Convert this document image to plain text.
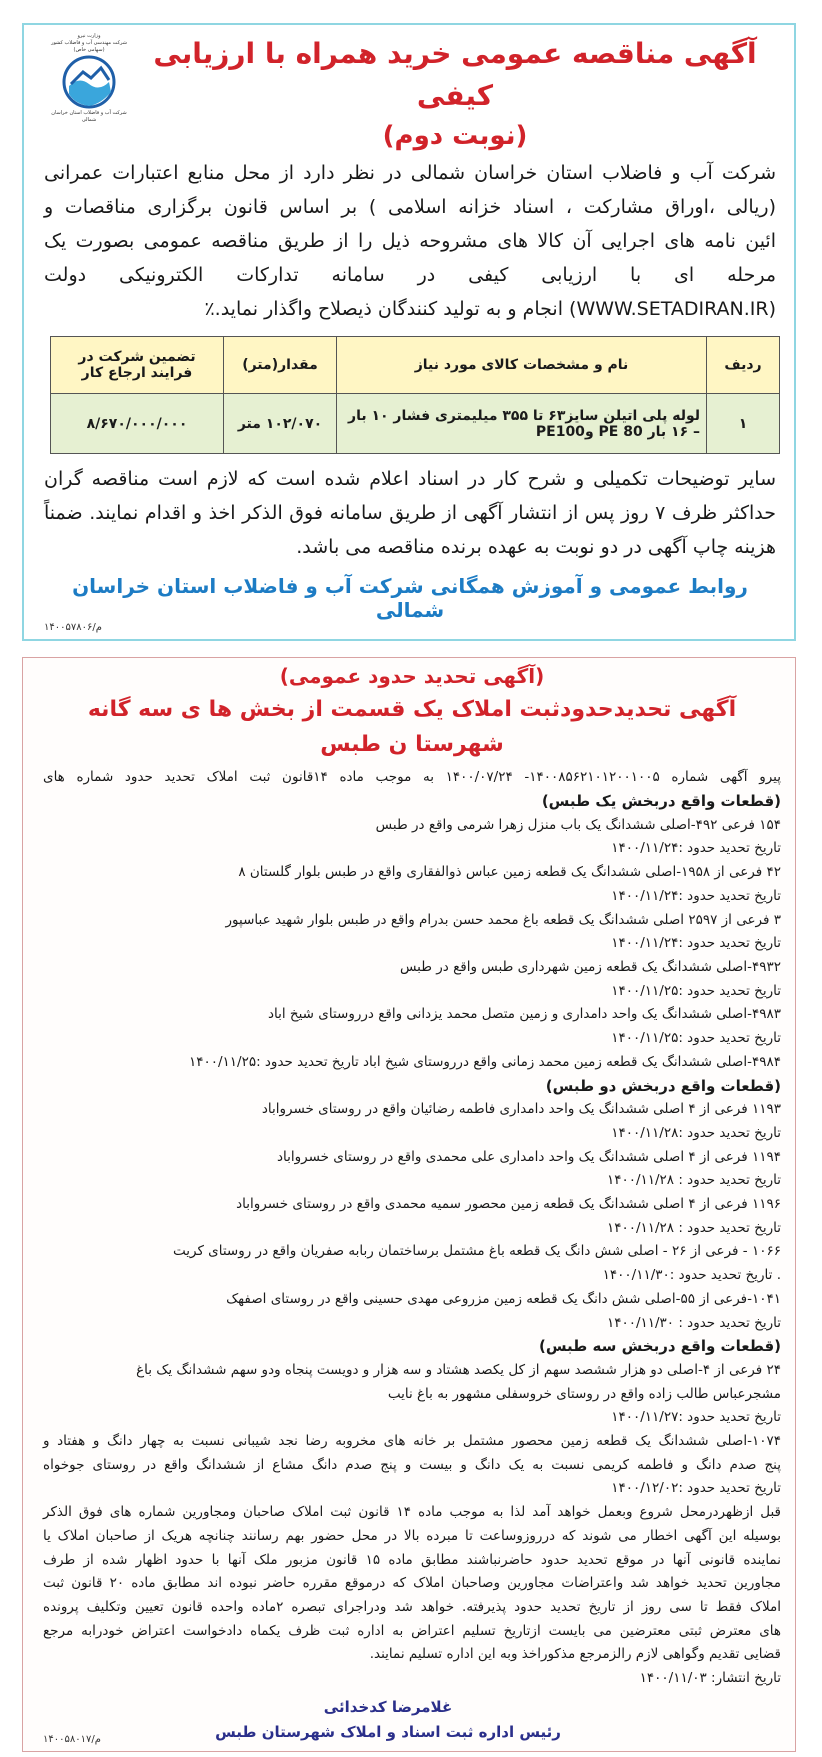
وزارت نیرو
شرکت مهندسی آب و فاضلاب کشور
(سهامی خاص)
شرکت آب و فاضلاب استان خراسان شمالی
آگهی مناقصه عمومی خرید همراه با ارزیابی کیفی
(نوبت دوم)
شرکت آب و فاضلاب استان خراسان شمالی در نظر دارد از محل منابع اعتبارات عمرانی
(ریالی ،اوراق مشارکت ، اسناد خزانه اسلامی ) بر اساس قانون برگزاری مناقصات و
ائین نامه های اجرایی آن کالا های مشروحه ذیل را از طریق مناقصه عمومی بصورت یک
مرحله ای با ارزیابی کیفی در سامانه تدارکات الکترونیکی دولت
(WWW.SETADIRAN.IR) انجام و به تولید کنندگان ذیصلاح واگذار نماید.٪
ردیف	نام و مشخصات کالای مورد نیاز	مقدار(متر)	تضمین شرکت در فرایند ارجاع کار
۱	لوله پلی اتیلن سایز۶۳ تا ۳۵۵ میلیمتری فشار ۱۰ بار – ۱۶ بار PE 80 وPE100	۱۰۲/۰۷۰ متر	۸/۶۷۰/۰۰۰/۰۰۰
سایر توضیحات تکمیلی و شرح کار در اسناد اعلام شده است که لازم است مناقصه گران
حداکثر ظرف ۷ روز پس از انتشار آگهی از طریق سامانه فوق الذکر اخذ و اقدام نمایند. ضمناً
هزینه چاپ آگهی در دو نوبت به عهده برنده مناقصه می باشد.
روابط عمومی و آموزش همگانی شرکت آب و فاضلاب استان خراسان شمالی
م/۱۴۰۰۵۷۸۰۶
(آگهی تحدید حدود عمومی)
آگهی تحدیدحدودثبت املاک یک قسمت از بخش ها ی سه گانه شهرستا ن طبس
پیرو آگهی شماره ۱۴۰۰۸۵۶۲۱۰۱۲۰۰۱۰۰۵- ۱۴۰۰/۰۷/۲۴ به موجب ماده ۱۴قانون ثبت املاک تحدید حدود شماره های
(قطعات واقع دربخش یک طبس)
۱۵۴ فرعی ۴۹۲-اصلی ششدانگ یک باب منزل زهرا شرمی واقع در طبس
تاریخ تحدید حدود :۱۴۰۰/۱۱/۲۴
۴۲ فرعی از ۱۹۵۸-اصلی ششدانگ یک قطعه زمین عباس ذوالفقاری واقع در طبس بلوار گلستان ۸
تاریخ تحدید حدود :۱۴۰۰/۱۱/۲۴
۳ فرعی از ۲۵۹۷ اصلی ششدانگ یک قطعه باغ محمد حسن بدرام واقع در طبس بلوار شهید عباسپور
تاریخ تحدید حدود :۱۴۰۰/۱۱/۲۴
۴۹۳۲-اصلی ششدانگ یک قطعه زمین شهرداری طبس واقع در طبس
تاریخ تحدید حدود :۱۴۰۰/۱۱/۲۵
۴۹۸۳-اصلی ششدانگ یک واحد دامداری و زمین متصل محمد یزدانی واقع درروستای شیخ اباد
تاریخ تحدید حدود :۱۴۰۰/۱۱/۲۵
۴۹۸۴-اصلی ششدانگ یک قطعه زمین محمد زمانی واقع درروستای شیخ اباد تاریخ تحدید حدود :۱۴۰۰/۱۱/۲۵
(قطعات واقع دربخش دو طبس)
۱۱۹۳ فرعی از ۴ اصلی ششدانگ یک واحد دامداری فاطمه رضائیان واقع در روستای خسرواباد
تاریخ تحدید حدود :۱۴۰۰/۱۱/۲۸
۱۱۹۴ فرعی از ۴ اصلی ششدانگ یک واحد دامداری علی محمدی واقع در روستای خسرواباد
تاریخ تحدید حدود : ۱۴۰۰/۱۱/۲۸
۱۱۹۶ فرعی از ۴ اصلی ششدانگ یک قطعه زمین محصور سمیه محمدی واقع در روستای خسرواباد
تاریخ تحدید حدود : ۱۴۰۰/۱۱/۲۸
۱۰۶۶ - فرعی از ۲۶ - اصلی شش دانگ یک قطعه باغ مشتمل برساختمان ربابه صفریان واقع در روستای کریت
. تاریخ تحدید حدود :۱۴۰۰/۱۱/۳۰
۱۰۴۱-فرعی از ۵۵-اصلی شش دانگ یک قطعه زمین مزروعی مهدی حسینی واقع در روستای اصفهک
تاریخ تحدید حدود : ۱۴۰۰/۱۱/۳۰
(قطعات واقع دربخش سه طبس)
۲۴ فرعی از ۴-اصلی دو هزار ششصد سهم از کل یکصد هشتاد و سه هزار و دویست پنجاه ودو سهم ششدانگ یک باغ
مشجرعباس طالب زاده واقع در روستای خروسفلی مشهور به باغ نایب
تاریخ تحدید حدود :۱۴۰۰/۱۱/۲۷
۱۰۷۴-اصلی ششدانگ یک قطعه زمین محصور مشتمل بر خانه های مخروبه رضا نجد شیبانی نسبت به چهار دانگ و هفتاد و
پنج صدم دانگ و فاطمه کریمی نسبت به یک دانگ و بیست و پنج صدم دانگ مشاع از ششدانگ واقع در روستای جوخواه
تاریخ تحدید حدود :۱۴۰۰/۱۲/۰۲
قبل ازظهردرمحل شروع وبعمل خواهد آمد لذا به موجب ماده ۱۴ قانون ثبت املاک صاحبان ومجاورین شماره های فوق الذکر
بوسیله این آگهی اخطار می شوند که درروزوساعت تا مبرده بالا در محل حضور بهم رسانند چنانچه هریک از صاحبان املاک یا
نماینده قانونی آنها در موقع تحدید حدود حاضرنباشند مطابق ماده ۱۵ قانون مزبور ملک آنها با حدود اظهار شده از طرف
مجاورین تحدید خواهد شد واعتراضات مجاورین وصاحبان املاک که درموقع مقرره حاضر نبوده اند مطابق ماده ۲۰ قانون ثبت
املاک فقط تا سی روز از تاریخ تحدید حدود پذیرفته. خواهد شد ودراجرای تبصره ۲ماده واحده قانون تعیین وتکلیف پرونده
های معترض ثبتی معترضین می بایست ازتاریخ تسلیم اعتراض به اداره ثبت ظرف یکماه دادخواست اعتراض خودرابه مرجع
قضایی تقدیم وگواهی لازم رالزمرجع مذکوراخذ وبه این اداره تسلیم نمایند.
تاریخ انتشار: ۱۴۰۰/۱۱/۰۳
م/۱۴۰۰۵۸۰۱۷
غلامرضا کدخدائی
رئیس اداره ثبت اسناد و املاک شهرستان طبس
